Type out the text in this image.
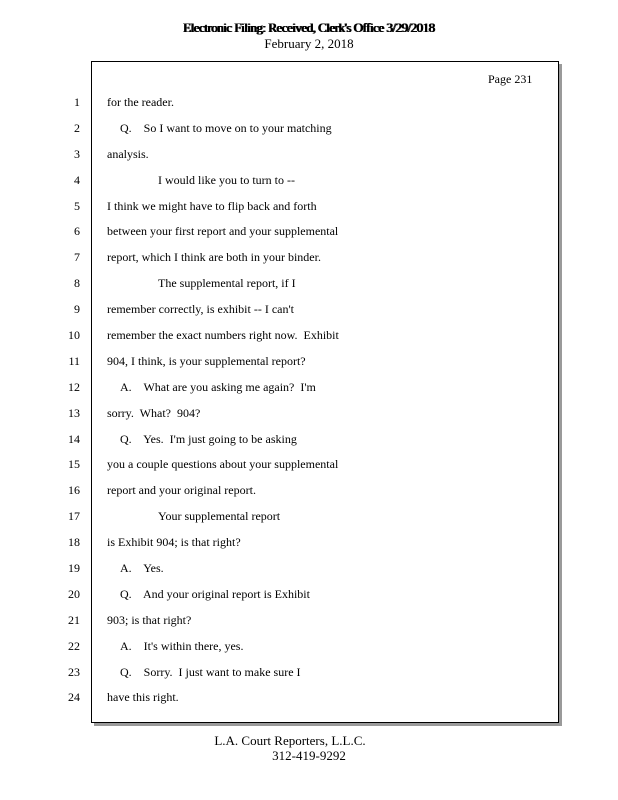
Electronic Filing: Received, Clerk's Office 3/29/2018
February 2, 2018
Page 231
1 for the reader.
2	Q.    So I want to move on to your matching
3 analysis.
4	I would like you to turn to --
5 I think we might have to flip back and forth
6 between your first report and your supplemental
7 report, which I think are both in your binder.
8	The supplemental report, if I
9 remember correctly, is exhibit -- I can't
10 remember the exact numbers right now.  Exhibit
11 904, I think, is your supplemental report?
12	A.    What are you asking me again?  I'm
13 sorry.  What?  904?
14	Q.    Yes.  I'm just going to be asking
15 you a couple questions about your supplemental
16 report and your original report.
17	Your supplemental report
18 is Exhibit 904; is that right?
19	A.    Yes.
20	Q.    And your original report is Exhibit
21 903; is that right?
22	A.    It's within there, yes.
23	Q.    Sorry.  I just want to make sure I
24 have this right.
L.A. Court Reporters, L.L.C.
312-419-9292
